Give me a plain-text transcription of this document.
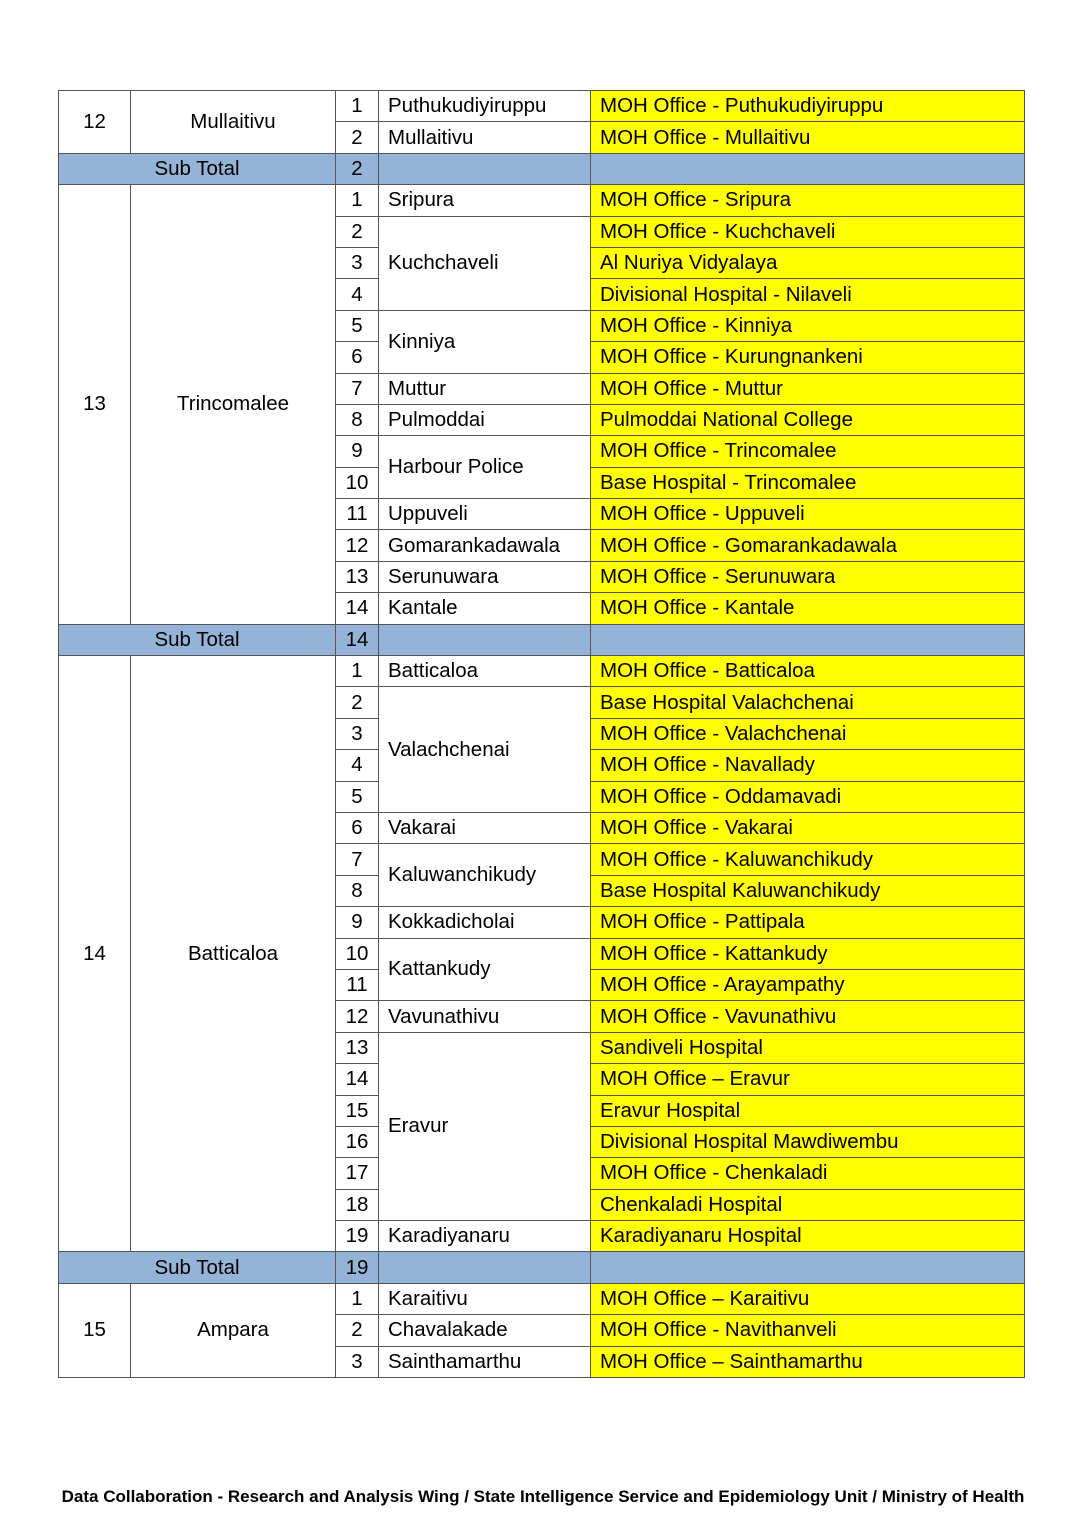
12	Mullaitivu	1	Puthukudiyiruppu	MOH Office - Puthukudiyiruppu
		2	Mullaitivu	MOH Office - Mullaitivu
Sub Total		2		
13	Trincomalee	1	Sripura	MOH Office - Sripura
		2	Kuchchaveli	MOH Office - Kuchchaveli
		3		Al Nuriya Vidyalaya
		4		Divisional Hospital - Nilaveli
		5	Kinniya	MOH Office - Kinniya
		6		MOH Office - Kurungnankeni
		7	Muttur	MOH Office - Muttur
		8	Pulmoddai	Pulmoddai National College
		9	Harbour Police	MOH Office - Trincomalee
		10		Base Hospital - Trincomalee
		11	Uppuveli	MOH Office - Uppuveli
		12	Gomarankadawala	MOH Office - Gomarankadawala
		13	Serunuwara	MOH Office - Serunuwara
		14	Kantale	MOH Office - Kantale
Sub Total		14		
14	Batticaloa	1	Batticaloa	MOH Office - Batticaloa
		2	Valachchenai	Base Hospital Valachchenai
		3		MOH Office - Valachchenai
		4		MOH Office - Navallady
		5		MOH Office - Oddamavadi
		6	Vakarai	MOH Office - Vakarai
		7	Kaluwanchikudy	MOH Office - Kaluwanchikudy
		8		Base Hospital Kaluwanchikudy
		9	Kokkadicholai	MOH Office - Pattipala
		10	Kattankudy	MOH Office - Kattankudy
		11		MOH Office - Arayampathy
		12	Vavunathivu	MOH Office - Vavunathivu
		13	Eravur	Sandiveli Hospital
		14		MOH Office – Eravur
		15		Eravur Hospital
		16		Divisional Hospital Mawdiwembu
		17		MOH Office - Chenkaladi
		18		Chenkaladi Hospital
		19	Karadiyanaru	Karadiyanaru Hospital
Sub Total		19		
15	Ampara	1	Karaitivu	MOH Office – Karaitivu
		2	Chavalakade	MOH Office - Navithanveli
		3	Sainthamarthu	MOH Office – Sainthamarthu
Data Collaboration - Research and Analysis Wing / State Intelligence Service and Epidemiology Unit / Ministry of Health
